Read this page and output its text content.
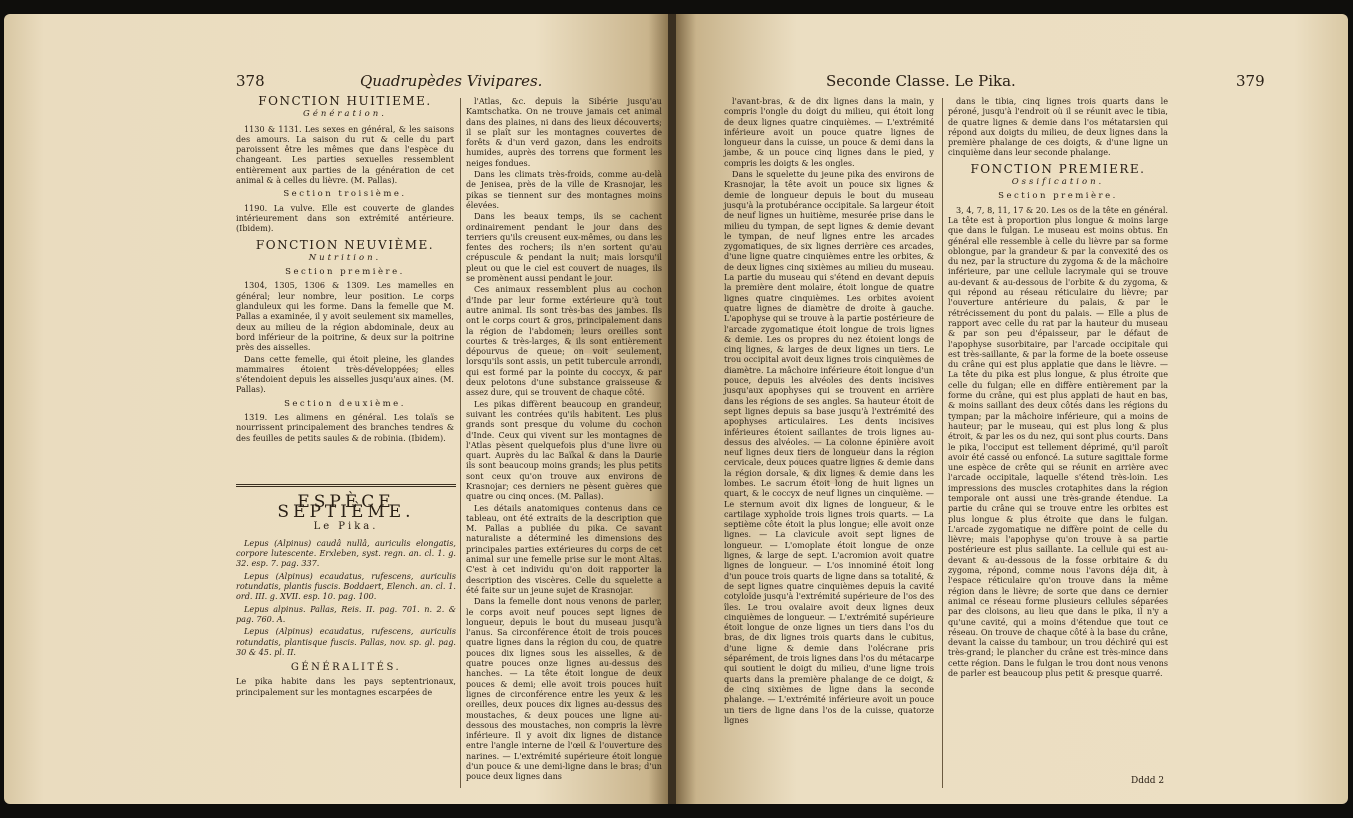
378	Quadrupèdes Vivipares.
FONCTION HUITIEME.
Génération.

1130 & 1131. Les sexes en général, & les saisons des amours. La saison du rut & celle du part paroissent être les mêmes que dans l'espèce du changeant. Les parties sexuelles ressemblent entièrement aux parties de la génération de cet animal & à celles du lièvre. (M. Pallas).

Section troisième.

1190. La vulve. Elle est couverte de glandes intérieurement dans son extrémité antérieure. (Ibidem).

FONCTION NEUVIÈME.
Nutrition.
Section première.

1304, 1305, 1306 & 1309. Les mamelles en général; leur nombre, leur position. Le corps glanduleux qui les forme. Dans la femelle que M. Pallas a examinée, il y avoit seulement six mamelles, deux au milieu de la région abdominale, deux au bord inférieur de la poitrine, & deux sur la poitrine près des aisselles.

Dans cette femelle, qui étoit pleine, les glandes mammaires étoient très-développées; elles s'étendoient depuis les aisselles jusqu'aux aines. (M. Pallas).

Section deuxième.

1319. Les alimens en général. Les tolaïs se nourrissent principalement des branches tendres & des feuilles de petits saules & de robinia. (Ibidem).

l'Atlas, &c. depuis la Sibérie jusqu'au Kamtschatka. On ne trouve jamais cet animal dans des plaines, ni dans des lieux découverts; il se plaît sur les montagnes couvertes de forêts & d'un verd gazon, dans les endroits humides, auprès des torrens que forment les neiges fondues.

Dans les climats très-froids, comme au-delà de Jenisea, près de la ville de Krasnojar, les pikas se tiennent sur des montagnes moins élevées.

Dans les beaux temps, ils se cachent ordinairement pendant le jour dans des terriers qu'ils creusent eux-mêmes, ou dans les fentes des rochers; ils n'en sortent qu'au crépuscule & pendant la nuit; mais lorsqu'il pleut ou que le ciel est couvert de nuages, ils se promènent aussi pendant le jour.

Ces animaux ressemblent plus au cochon d'Inde par leur forme extérieure qu'à tout autre animal. Ils sont très-bas des jambes. Ils ont le corps court & gros, principalement dans la région de l'abdomen; leurs oreilles sont courtes & très-larges, & ils sont entièrement dépourvus de queue; on voit seulement, lorsqu'ils sont assis, un petit tubercule arrondi, qui est formé par la pointe du coccyx, & par deux pelotons d'une substance graisseuse & assez dure, qui se trouvent de chaque côté.

Les pikas diffèrent beaucoup en grandeur, suivant les contrées qu'ils habitent. Les plus grands sont presque du volume du cochon d'Inde. Ceux qui vivent sur les montagnes de l'Atlas pèsent quelquefois plus d'une livre ou quart. Auprès du lac Baïkal & dans la Daurie ils sont beaucoup moins grands; les plus petits sont ceux qu'on trouve aux environs de Krasnojar; ces derniers ne pèsent guères que quatre ou cinq onces. (M. Pallas).

Les détails anatomiques contenus dans ce tableau, ont été extraits de la description que M. Pallas a publiée du pika. Ce savant naturaliste a déterminé les dimensions des principales parties extérieures du corps de cet animal sur une femelle prise sur le mont Altas. C'est à cet individu qu'on doit rapporter la description des viscères. Celle du squelette a été faite sur un jeune sujet de Krasnojar.

Dans la femelle dont nous venons de parler, le corps avoit neuf pouces sept lignes de longueur, depuis le bout du museau jusqu'à l'anus. Sa circonférence étoit de trois pouces quatre lignes dans la région du cou, de quatre pouces dix lignes sous les aisselles, & de quatre pouces onze lignes au-dessus des hanches. — La tête étoit longue de deux pouces & demi; elle avoit trois pouces huit lignes de circonférence entre les yeux & les oreilles, deux pouces dix lignes au-dessus des moustaches, & deux pouces une ligne au-dessous des moustaches, non compris la lèvre inférieure. Il y avoit dix lignes de distance entre l'angle interne de l'œil & l'ouverture des narines. — L'extrémité supérieure étoit longue d'un pouce & une demi-ligne dans le bras; d'un pouce deux lignes dans

ESPÈCE SEPTIÈME.
Le Pika.

Lepus (Alpinus) caudâ nullâ, auriculis elongatis, corpore lutescente. Erxleben, syst. regn. an. cl. 1. g. 32. esp. 7. pag. 337.

Lepus (Alpinus) ecaudatus, rufescens, auriculis rotundatis, plantis fuscis. Boddaert, Elench. an. cl. 1. ord. III. g. XVII. esp. 10. pag. 100.

Lepus alpinus. Pallas, Reis. II. pag. 701. n. 2. & pag. 760. A.

Lepus (Alpinus) ecaudatus, rufescens, auriculis rotundatis, plantisque fuscis. Pallas, nov. sp. gl. pag. 30 & 45. pl. II.

GÉNÉRALITÉS.

Le pika habite dans les pays septentrionaux, principalement sur les montagnes escarpées de

Seconde Classe. Le Pika.	379

l'avant-bras, & de dix lignes dans la main, y compris l'ongle du doigt du milieu, qui étoit long de deux lignes quatre cinquièmes. — L'extrémité inférieure avoit un pouce quatre lignes de longueur dans la cuisse, un pouce & demi dans la jambe, & un pouce cinq lignes dans le pied, y compris les doigts & les ongles.

Dans le squelette du jeune pika des environs de Krasnojar, la tête avoit un pouce six lignes & demie de longueur depuis le bout du museau jusqu'à la protubérance occipitale. Sa largeur étoit de neuf lignes un huitième, mesurée prise dans le milieu du tympan, de sept lignes & demie devant le tympan, de neuf lignes entre les arcades zygomatiques, de six lignes derrière ces arcades, d'une ligne quatre cinquièmes entre les orbites, & de deux lignes cinq sixièmes au milieu du museau. La partie du museau qui s'étend en devant depuis la première dent molaire, étoit longue de quatre lignes quatre cinquièmes. Les orbites avoient quatre lignes de diamètre de droite à gauche. L'apophyse qui se trouve à la partie postérieure de l'arcade zygomatique étoit longue de trois lignes & demie. Les os propres du nez étoient longs de cinq lignes, & larges de deux lignes un tiers. Le trou occipital avoit deux lignes trois cinquièmes de diamètre. La mâchoire inférieure étoit longue d'un pouce, depuis les alvéoles des dents incisives jusqu'aux apophyses qui se trouvent en arrière dans les régions de ses angles. Sa hauteur étoit de sept lignes depuis sa base jusqu'à l'extrémité des apophyses articulaires. Les dents incisives inférieures étoient saillantes de trois lignes au-dessus des alvéoles. — La colonne épinière avoit neuf lignes deux tiers de longueur dans la région cervicale, deux pouces quatre lignes & demie dans la région dorsale, & dix lignes & demie dans les lombes. Le sacrum étoit long de huit lignes un quart, & le coccyx de neuf lignes un cinquième. — Le sternum avoit dix lignes de longueur, & le cartilage xyphoïde trois lignes trois quarts. — La septième côte étoit la plus longue; elle avoit onze lignes. — La clavicule avoit sept lignes de longueur. — L'omoplate étoit longue de onze lignes, & large de sept. L'acromion avoit quatre lignes de longueur. — L'os innominé étoit long d'un pouce trois quarts de ligne dans sa totalité, & de sept lignes quatre cinquièmes depuis la cavité cotyloïde jusqu'à l'extrémité supérieure de l'os des îles. Le trou ovalaire avoit deux lignes deux cinquièmes de longueur. — L'extrémité supérieure étoit longue de onze lignes un tiers dans l'os du bras, de dix lignes trois quarts dans le cubitus, d'une ligne & demie dans l'olécrane pris séparément, de trois lignes dans l'os du métacarpe qui soutient le doigt du milieu, d'une ligne trois quarts dans la première phalange de ce doigt, & de cinq sixièmes de ligne dans la seconde phalange. — L'extrémité inférieure avoit un pouce un tiers de ligne dans l'os de la cuisse, quatorze lignes

dans le tibia, cinq lignes trois quarts dans le péroné, jusqu'à l'endroit où il se réunit avec le tibia, de quatre lignes & demie dans l'os métatarsien qui répond aux doigts du milieu, de deux lignes dans la première phalange de ces doigts, & d'une ligne un cinquième dans leur seconde phalange.

FONCTION PREMIERE.
Ossification.
Section première.

3, 4, 7, 8, 11, 17 & 20. Les os de la tête en général. La tête est à proportion plus longue & moins large que dans le fulgan. Le museau est moins obtus. En général elle ressemble à celle du lièvre par sa forme oblongue, par la grandeur & par la convexité des os du nez, par la structure du zygoma & de la mâchoire inférieure, par une cellule lacrymale qui se trouve au-devant & au-dessous de l'orbite & du zygoma, & qui répond au réseau réticulaire du lièvre; par l'ouverture antérieure du palais, & par le rétrécissement du pont du palais. — Elle a plus de rapport avec celle du rat par la hauteur du museau & par son peu d'épaisseur, par le défaut de l'apophyse susorbitaire, par l'arcade occipitale qui est très-saillante, & par la forme de la boete osseuse du crâne qui est plus applatie que dans le lièvre. — La tête du pika est plus longue, & plus étroite que celle du fulgan; elle en diffère entièrement par la forme du crâne, qui est plus applati de haut en bas, & moins saillant des deux côtés dans les régions du tympan; par la mâchoire inférieure, qui a moins de hauteur; par le museau, qui est plus long & plus étroit, & par les os du nez, qui sont plus courts. Dans le pika, l'occiput est tellement déprimé, qu'il paroît avoir été cassé ou enfoncé. La suture sagittale forme une espèce de crête qui se réunit en arrière avec l'arcade occipitale, laquelle s'étend très-loin. Les impressions des muscles crotaphites dans la région temporale ont aussi une très-grande étendue. La partie du crâne qui se trouve entre les orbites est plus longue & plus étroite que dans le fulgan. L'arcade zygomatique ne diffère point de celle du lièvre; mais l'apophyse qu'on trouve à sa partie postérieure est plus saillante. La cellule qui est au-devant & au-dessous de la fosse orbitaire & du zygoma, répond, comme nous l'avons déja dit, à l'espace réticulaire qu'on trouve dans la même région dans le lièvre; de sorte que dans ce dernier animal ce réseau forme plusieurs cellules séparées par des cloisons, au lieu que dans le pika, il n'y a qu'une cavité, qui a moins d'étendue que tout ce réseau. On trouve de chaque côté à la base du crâne, devant la caisse du tambour, un trou déchiré qui est très-grand; le plancher du crâne est très-mince dans cette région. Dans le fulgan le trou dont nous venons de parler est beaucoup plus petit & presque quarré.

Dddd 2
